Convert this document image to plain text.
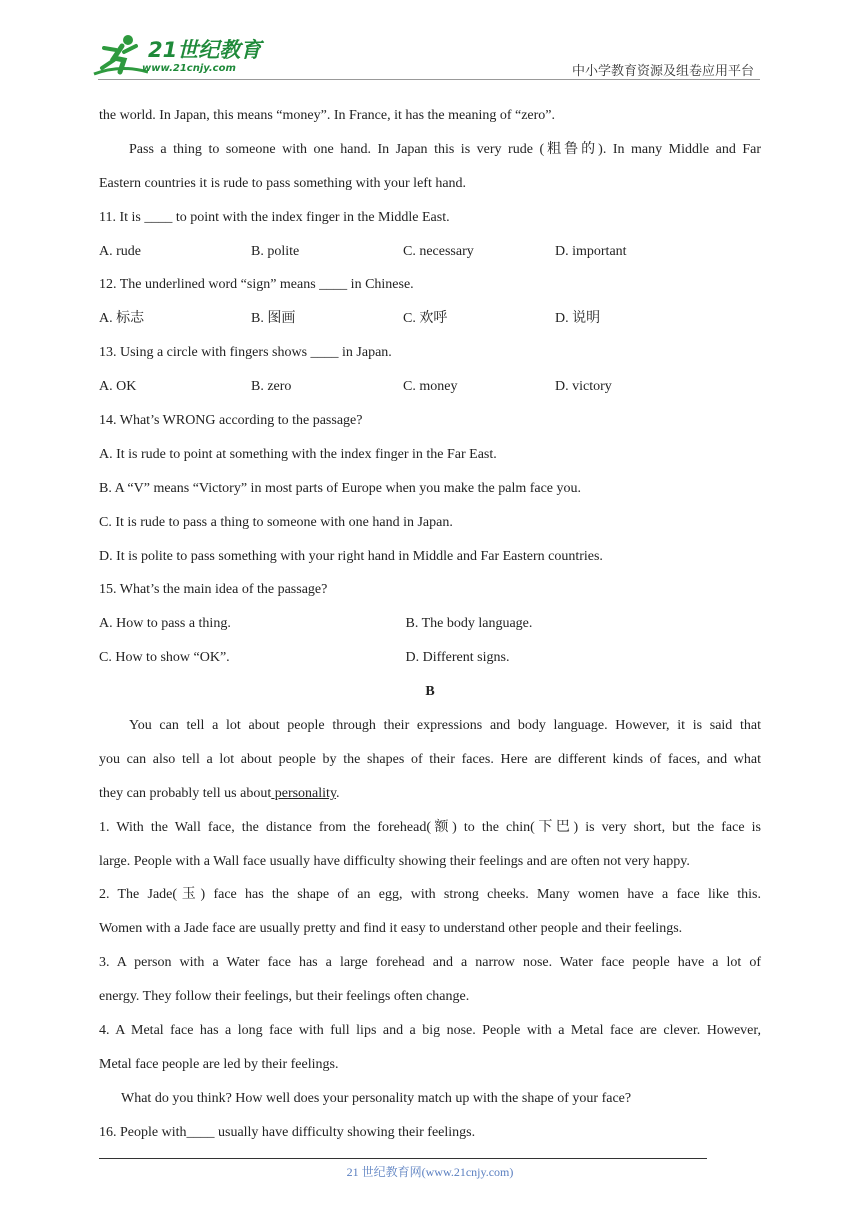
21世纪教育
www.21cnjy.com	中小学教育资源及组卷应用平台

the world. In Japan, this means “money”. In France, it has the meaning of “zero”.

Pass a thing to someone with one hand. In Japan this is very rude (粗鲁的). In many Middle and Far

Eastern countries it is rude to pass something with your left hand.

11. It is ____ to point with the index finger in the Middle East.

A. rude	B. polite	C. necessary	D. important

12. The underlined word “sign” means ____ in Chinese.

A. 标志	B. 图画	C. 欢呼	D. 说明

13. Using a circle with fingers shows ____ in Japan.

A. OK	B. zero	C. money	D. victory

14. What’s WRONG according to the passage?

A. It is rude to point at something with the index finger in the Far East.

B. A “V” means “Victory” in most parts of Europe when you make the palm face you.

C. It is rude to pass a thing to someone with one hand in Japan.

D. It is polite to pass something with your right hand in Middle and Far Eastern countries.

15. What’s the main idea of the passage?

A. How to pass a thing.	B. The body language.

C. How to show “OK”.	D. Different signs.

B

You can tell a lot about people through their expressions and body language. However, it is said that

you can also tell a lot about people by the shapes of their faces. Here are different kinds of faces, and what

they can probably tell us about personality.

1. With the Wall face, the distance from the forehead(额) to the chin(下巴) is very short, but the face is

large. People with a Wall face usually have difficulty showing their feelings and are often not very happy.

2. The Jade(玉) face has the shape of an egg, with strong cheeks. Many women have a face like this.

Women with a Jade face are usually pretty and find it easy to understand other people and their feelings.

3. A person with a Water face has a large forehead and a narrow nose. Water face people have a lot of

energy. They follow their feelings, but their feelings often change.

4. A Metal face has a long face with full lips and a big nose. People with a Metal face are clever. However,

Metal face people are led by their feelings.

What do you think? How well does your personality match up with the shape of your face?

16. People with____ usually have difficulty showing their feelings.

21 世纪教育网(www.21cnjy.com)
